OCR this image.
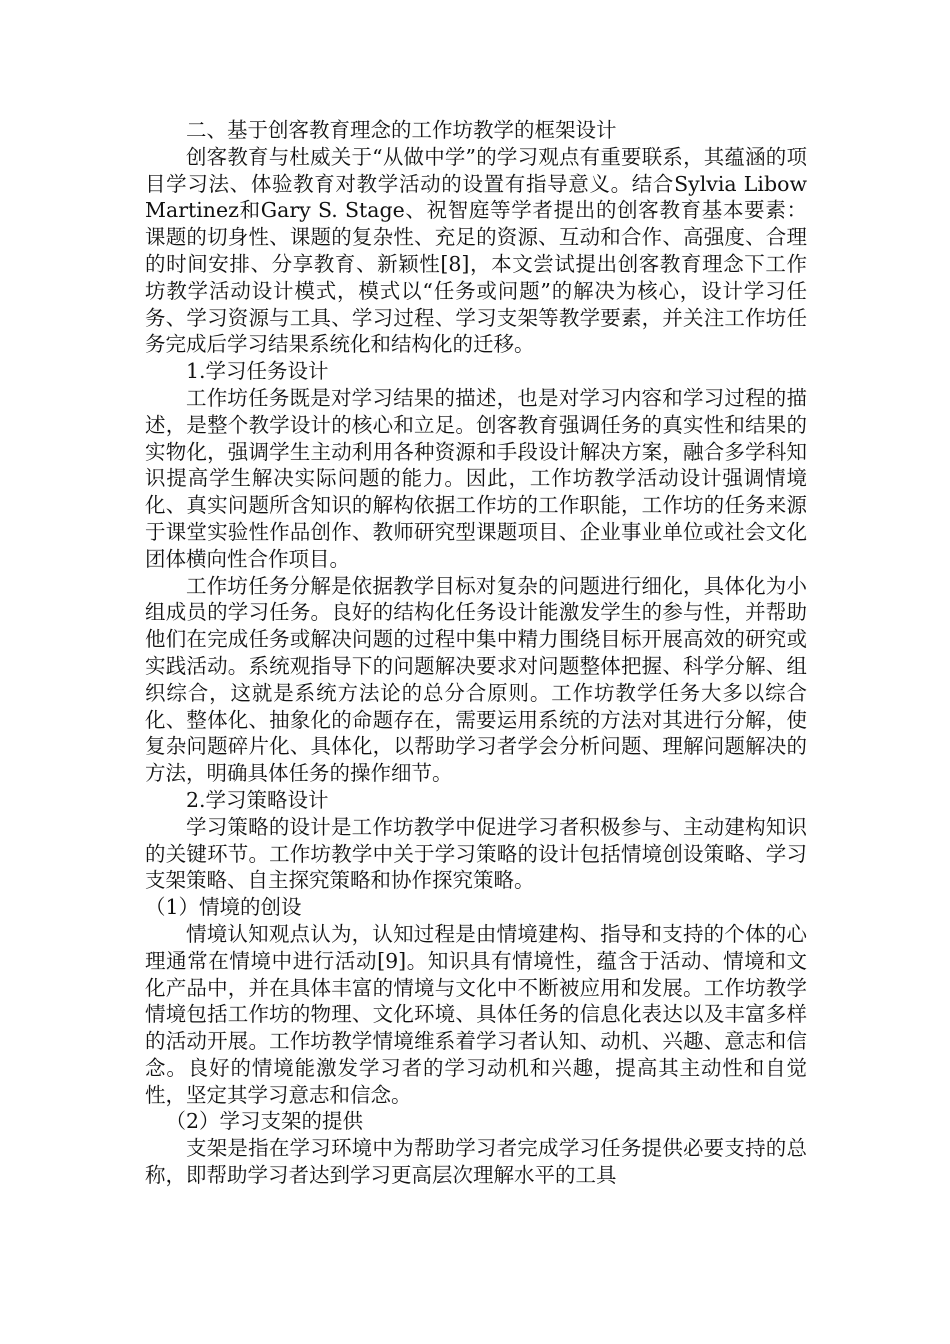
二、基于创客教育理念的工作坊教学的框架设计

创客教育与杜威关于“从做中学”的学习观点有重要联系，其蕴涵的项目学习法、体验教育对教学活动的设置有指导意义。结合Sylvia Libow Martinez和Gary S. Stage、祝智庭等学者提出的创客教育基本要素：课题的切身性、课题的复杂性、充足的资源、互动和合作、高强度、合理的时间安排、分享教育、新颖性[8]，本文尝试提出创客教育理念下工作坊教学活动设计模式，模式以“任务或问题”的解决为核心，设计学习任务、学习资源与工具、学习过程、学习支架等教学要素，并关注工作坊任务完成后学习结果系统化和结构化的迁移。

1.学习任务设计

工作坊任务既是对学习结果的描述，也是对学习内容和学习过程的描述，是整个教学设计的核心和立足。创客教育强调任务的真实性和结果的实物化，强调学生主动利用各种资源和手段设计解决方案，融合多学科知识提高学生解决实际问题的能力。因此，工作坊教学活动设计强调情境化、真实问题所含知识的解构依据工作坊的工作职能，工作坊的任务来源于课堂实验性作品创作、教师研究型课题项目、企业事业单位或社会文化团体横向性合作项目。

工作坊任务分解是依据教学目标对复杂的问题进行细化，具体化为小组成员的学习任务。良好的结构化任务设计能激发学生的参与性，并帮助他们在完成任务或解决问题的过程中集中精力围绕目标开展高效的研究或实践活动。系统观指导下的问题解决要求对问题整体把握、科学分解、组织综合，这就是系统方法论的总分合原则。工作坊教学任务大多以综合化、整体化、抽象化的命题存在，需要运用系统的方法对其进行分解，使复杂问题碎片化、具体化，以帮助学习者学会分析问题、理解问题解决的方法，明确具体任务的操作细节。

2.学习策略设计

学习策略的设计是工作坊教学中促进学习者积极参与、主动建构知识的关键环节。工作坊教学中关于学习策略的设计包括情境创设策略、学习支架策略、自主探究策略和协作探究策略。

（1）情境的创设

情境认知观点认为，认知过程是由情境建构、指导和支持的个体的心理通常在情境中进行活动[9]。知识具有情境性，蕴含于活动、情境和文化产品中，并在具体丰富的情境与文化中不断被应用和发展。工作坊教学情境包括工作坊的物理、文化环境、具体任务的信息化表达以及丰富多样的活动开展。工作坊教学情境维系着学习者认知、动机、兴趣、意志和信念。良好的情境能激发学习者的学习动机和兴趣，提高其主动性和自觉性，坚定其学习意志和信念。

（2）学习支架的提供

支架是指在学习环境中为帮助学习者完成学习任务提供必要支持的总称，即帮助学习者达到学习更高层次理解水平的工具
